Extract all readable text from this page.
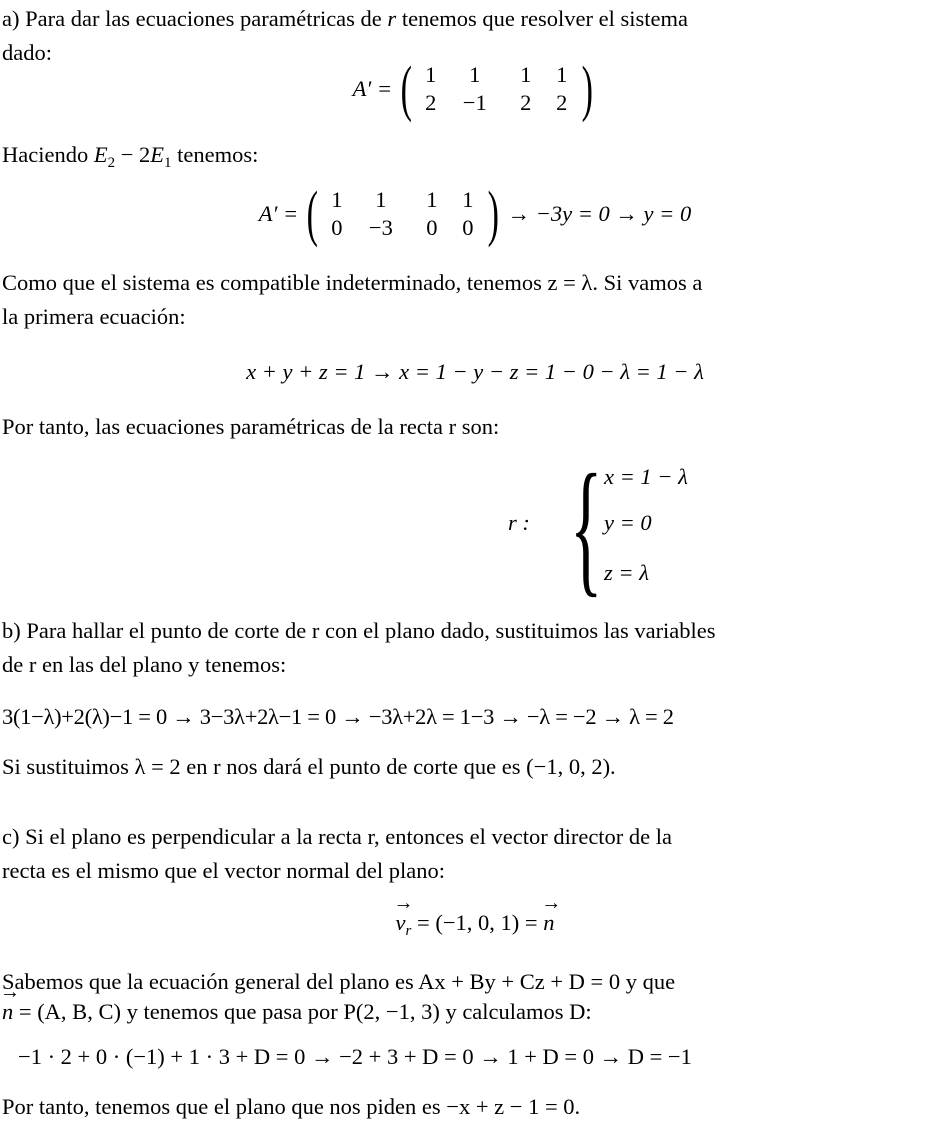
a) Para dar las ecuaciones paramétricas de r tenemos que resolver el sistema
dado:
A′ = ( 1	1	1	1
2	−1	2	2 )
Haciendo $E_2 - 2E_1$ tenemos:
A′ = ( 1	1	1	1
0	−3	0	0 ) → −3y = 0 → y = 0
Como que el sistema es compatible indeterminado, tenemos z = λ. Si vamos a
la primera ecuación:
x + y + z = 1 → x = 1 − y − z = 1 − 0 − λ = 1 − λ
Por tanto, las ecuaciones paramétricas de la recta r son:
r : { x = 1 − λ
y = 0
z = λ
b) Para hallar el punto de corte de r con el plano dado, sustituimos las variables
de r en las del plano y tenemos:
3(1−λ)+2(λ)−1 = 0 → 3−3λ+2λ−1 = 0 → −3λ+2λ = 1−3 → −λ = −2 → λ = 2
Si sustituimos λ = 2 en r nos dará el punto de corte que es (−1, 0, 2).
c) Si el plano es perpendicular a la recta r, entonces el vector director de la
recta es el mismo que el vector normal del plano:
→ $v_r = (-1$, 0, 1) = → n
Sabemos que la ecuación general del plano es Ax + By + Cz + D = 0 y que
→ n = (A, B, C) y tenemos que pasa por P(2, −1, 3) y calculamos D:
−1 · 2 + 0 · (−1) + 1 · 3 + D = 0 → −2 + 3 + D = 0 → 1 + D = 0 → D = −1
Por tanto, tenemos que el plano que nos piden es −x + z − 1 = 0.
